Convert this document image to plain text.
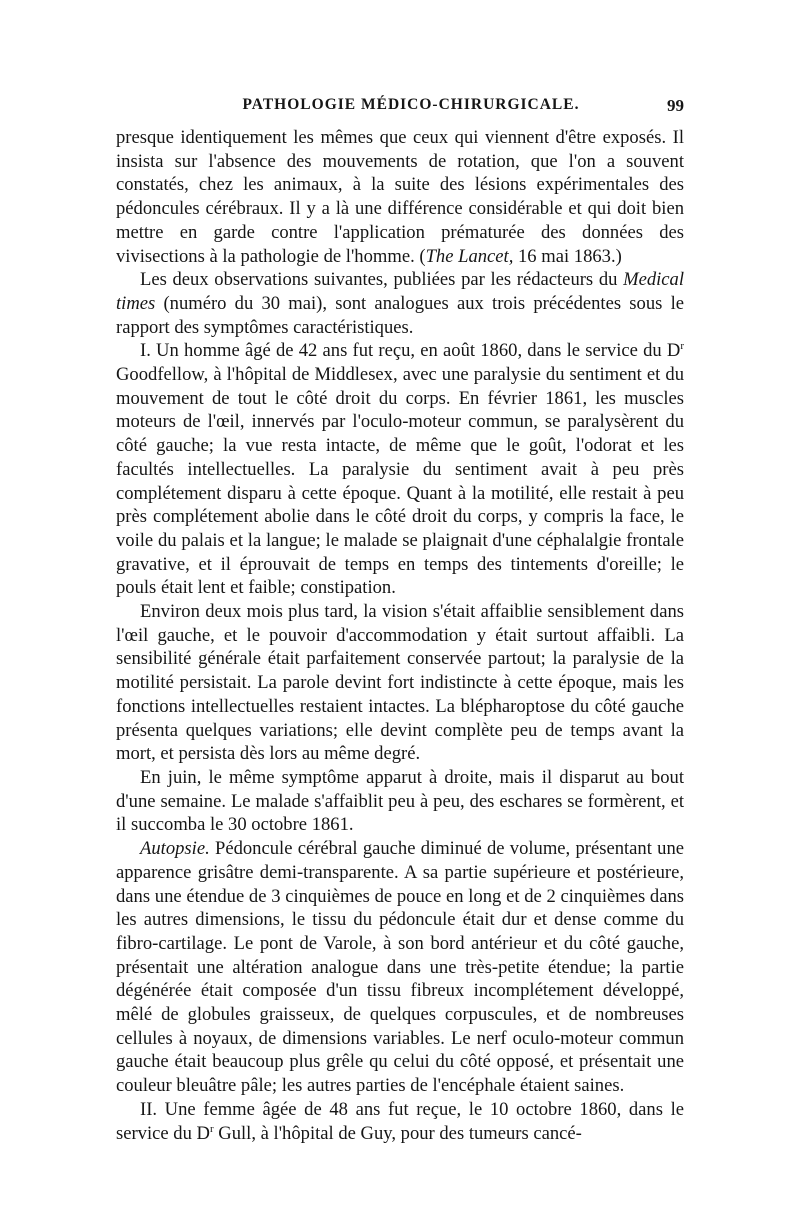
PATHOLOGIE MÉDICO-CHIRURGICALE.	99

presque identiquement les mêmes que ceux qui viennent d'être exposés. Il insista sur l'absence des mouvements de rotation, que l'on a souvent constatés, chez les animaux, à la suite des lésions expérimentales des pédoncules cérébraux. Il y a là une différence considérable et qui doit bien mettre en garde contre l'application prématurée des données des vivisections à la pathologie de l'homme. (The Lancet, 16 mai 1863.)

Les deux observations suivantes, publiées par les rédacteurs du Medical times (numéro du 30 mai), sont analogues aux trois précédentes sous le rapport des symptômes caractéristiques.

I. Un homme âgé de 42 ans fut reçu, en août 1860, dans le service du $D^r$ Goodfellow, à l'hôpital de Middlesex, avec une paralysie du sentiment et du mouvement de tout le côté droit du corps. En février 1861, les muscles moteurs de l'œil, innervés par l'oculo-moteur commun, se paralysèrent du côté gauche; la vue resta intacte, de même que le goût, l'odorat et les facultés intellectuelles. La paralysie du sentiment avait à peu près complétement disparu à cette époque. Quant à la motilité, elle restait à peu près complétement abolie dans le côté droit du corps, y compris la face, le voile du palais et la langue; le malade se plaignait d'une céphalalgie frontale gravative, et il éprouvait de temps en temps des tintements d'oreille; le pouls était lent et faible; constipation.

Environ deux mois plus tard, la vision s'était affaiblie sensiblement dans l'œil gauche, et le pouvoir d'accommodation y était surtout affaibli. La sensibilité générale était parfaitement conservée partout; la paralysie de la motilité persistait. La parole devint fort indistincte à cette époque, mais les fonctions intellectuelles restaient intactes. La blépharoptose du côté gauche présenta quelques variations; elle devint complète peu de temps avant la mort, et persista dès lors au même degré.

En juin, le même symptôme apparut à droite, mais il disparut au bout d'une semaine. Le malade s'affaiblit peu à peu, des eschares se formèrent, et il succomba le 30 octobre 1861.

Autopsie. Pédoncule cérébral gauche diminué de volume, présentant une apparence grisâtre demi-transparente. A sa partie supérieure et postérieure, dans une étendue de 3 cinquièmes de pouce en long et de 2 cinquièmes dans les autres dimensions, le tissu du pédoncule était dur et dense comme du fibro-cartilage. Le pont de Varole, à son bord antérieur et du côté gauche, présentait une altération analogue dans une très-petite étendue; la partie dégénérée était composée d'un tissu fibreux incomplétement développé, mêlé de globules graisseux, de quelques corpuscules, et de nombreuses cellules à noyaux, de dimensions variables. Le nerf oculo-moteur commun gauche était beaucoup plus grêle qu celui du côté opposé, et présentait une couleur bleuâtre pâle; les autres parties de l'encéphale étaient saines.

II. Une femme âgée de 48 ans fut reçue, le 10 octobre 1860, dans le service du $D^r$ Gull, à l'hôpital de Guy, pour des tumeurs cancé-
